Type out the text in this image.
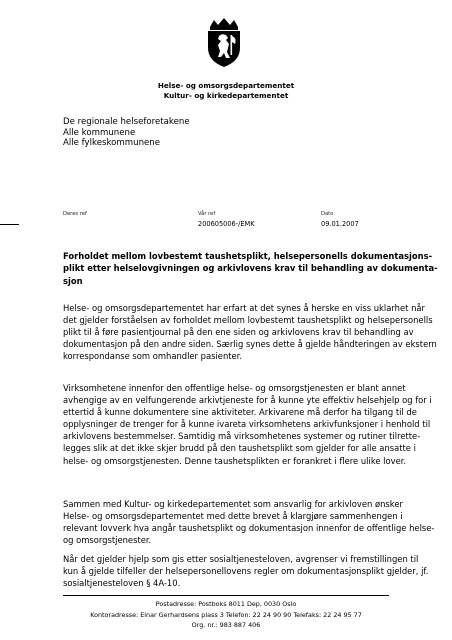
Helse- og omsorgsdepartementet
Kultur- og kirkedepartementet
De regionale helseforetakene
Alle kommunene
Alle fylkeskommunene
Deres ref	Vår ref
200605006-/EMK
Dato
09.01.2007
Forholdet mellom lovbestemt taushetsplikt, helsepersonells dokumentasjons-
plikt etter helselovgivningen og arkivlovens krav til behandling av dokumenta-
sjon
Helse- og omsorgsdepartementet har erfart at det synes å herske en viss uklarhet når
det gjelder forståelsen av forholdet mellom lovbestemt taushetsplikt og helsepersonells
plikt til å føre pasientjournal på den ene siden og arkivlovens krav til behandling av
dokumentasjon på den andre siden. Særlig synes dette å gjelde håndteringen av ekstern
korrespondanse som omhandler pasienter.
Virksomhetene innenfor den offentlige helse- og omsorgstjenesten er blant annet
avhengige av en velfungerende arkivtjeneste for å kunne yte effektiv helsehjelp og for i
ettertid å kunne dokumentere sine aktiviteter. Arkivarene må derfor ha tilgang til de
opplysninger de trenger for å kunne ivareta virksomhetens arkivfunksjoner i henhold til
arkivlovens bestemmelser. Samtidig må virksomhetenes systemer og rutiner tilrette-
legges slik at det ikke skjer brudd på den taushetsplikt som gjelder for alle ansatte i
helse- og omsorgstjenesten. Denne taushetsplikten er forankret i flere ulike lover.
Sammen med Kultur- og kirkedepartementet som ansvarlig for arkivloven ønsker
Helse- og omsorgsdepartementet med dette brevet å klargjøre sammenhengen i
relevant lovverk hva angår taushetsplikt og dokumentasjon innenfor de offentlige helse-
og omsorgstjenester.
Når det gjelder hjelp som gis etter sosialtjenesteloven, avgrenser vi fremstillingen til
kun å gjelde tilfeller der helsepersonellovens regler om dokumentasjonsplikt gjelder, jf.
sosialtjenesteloven § 4A-10.
Postadresse: Postboks 8011 Dep, 0030 Oslo
Kontoradresse: Einar Gerhardsens plass 3 Telefon: 22 24 90 90 Telefaks: 22 24 95 77
Org. nr.: 983 887 406
